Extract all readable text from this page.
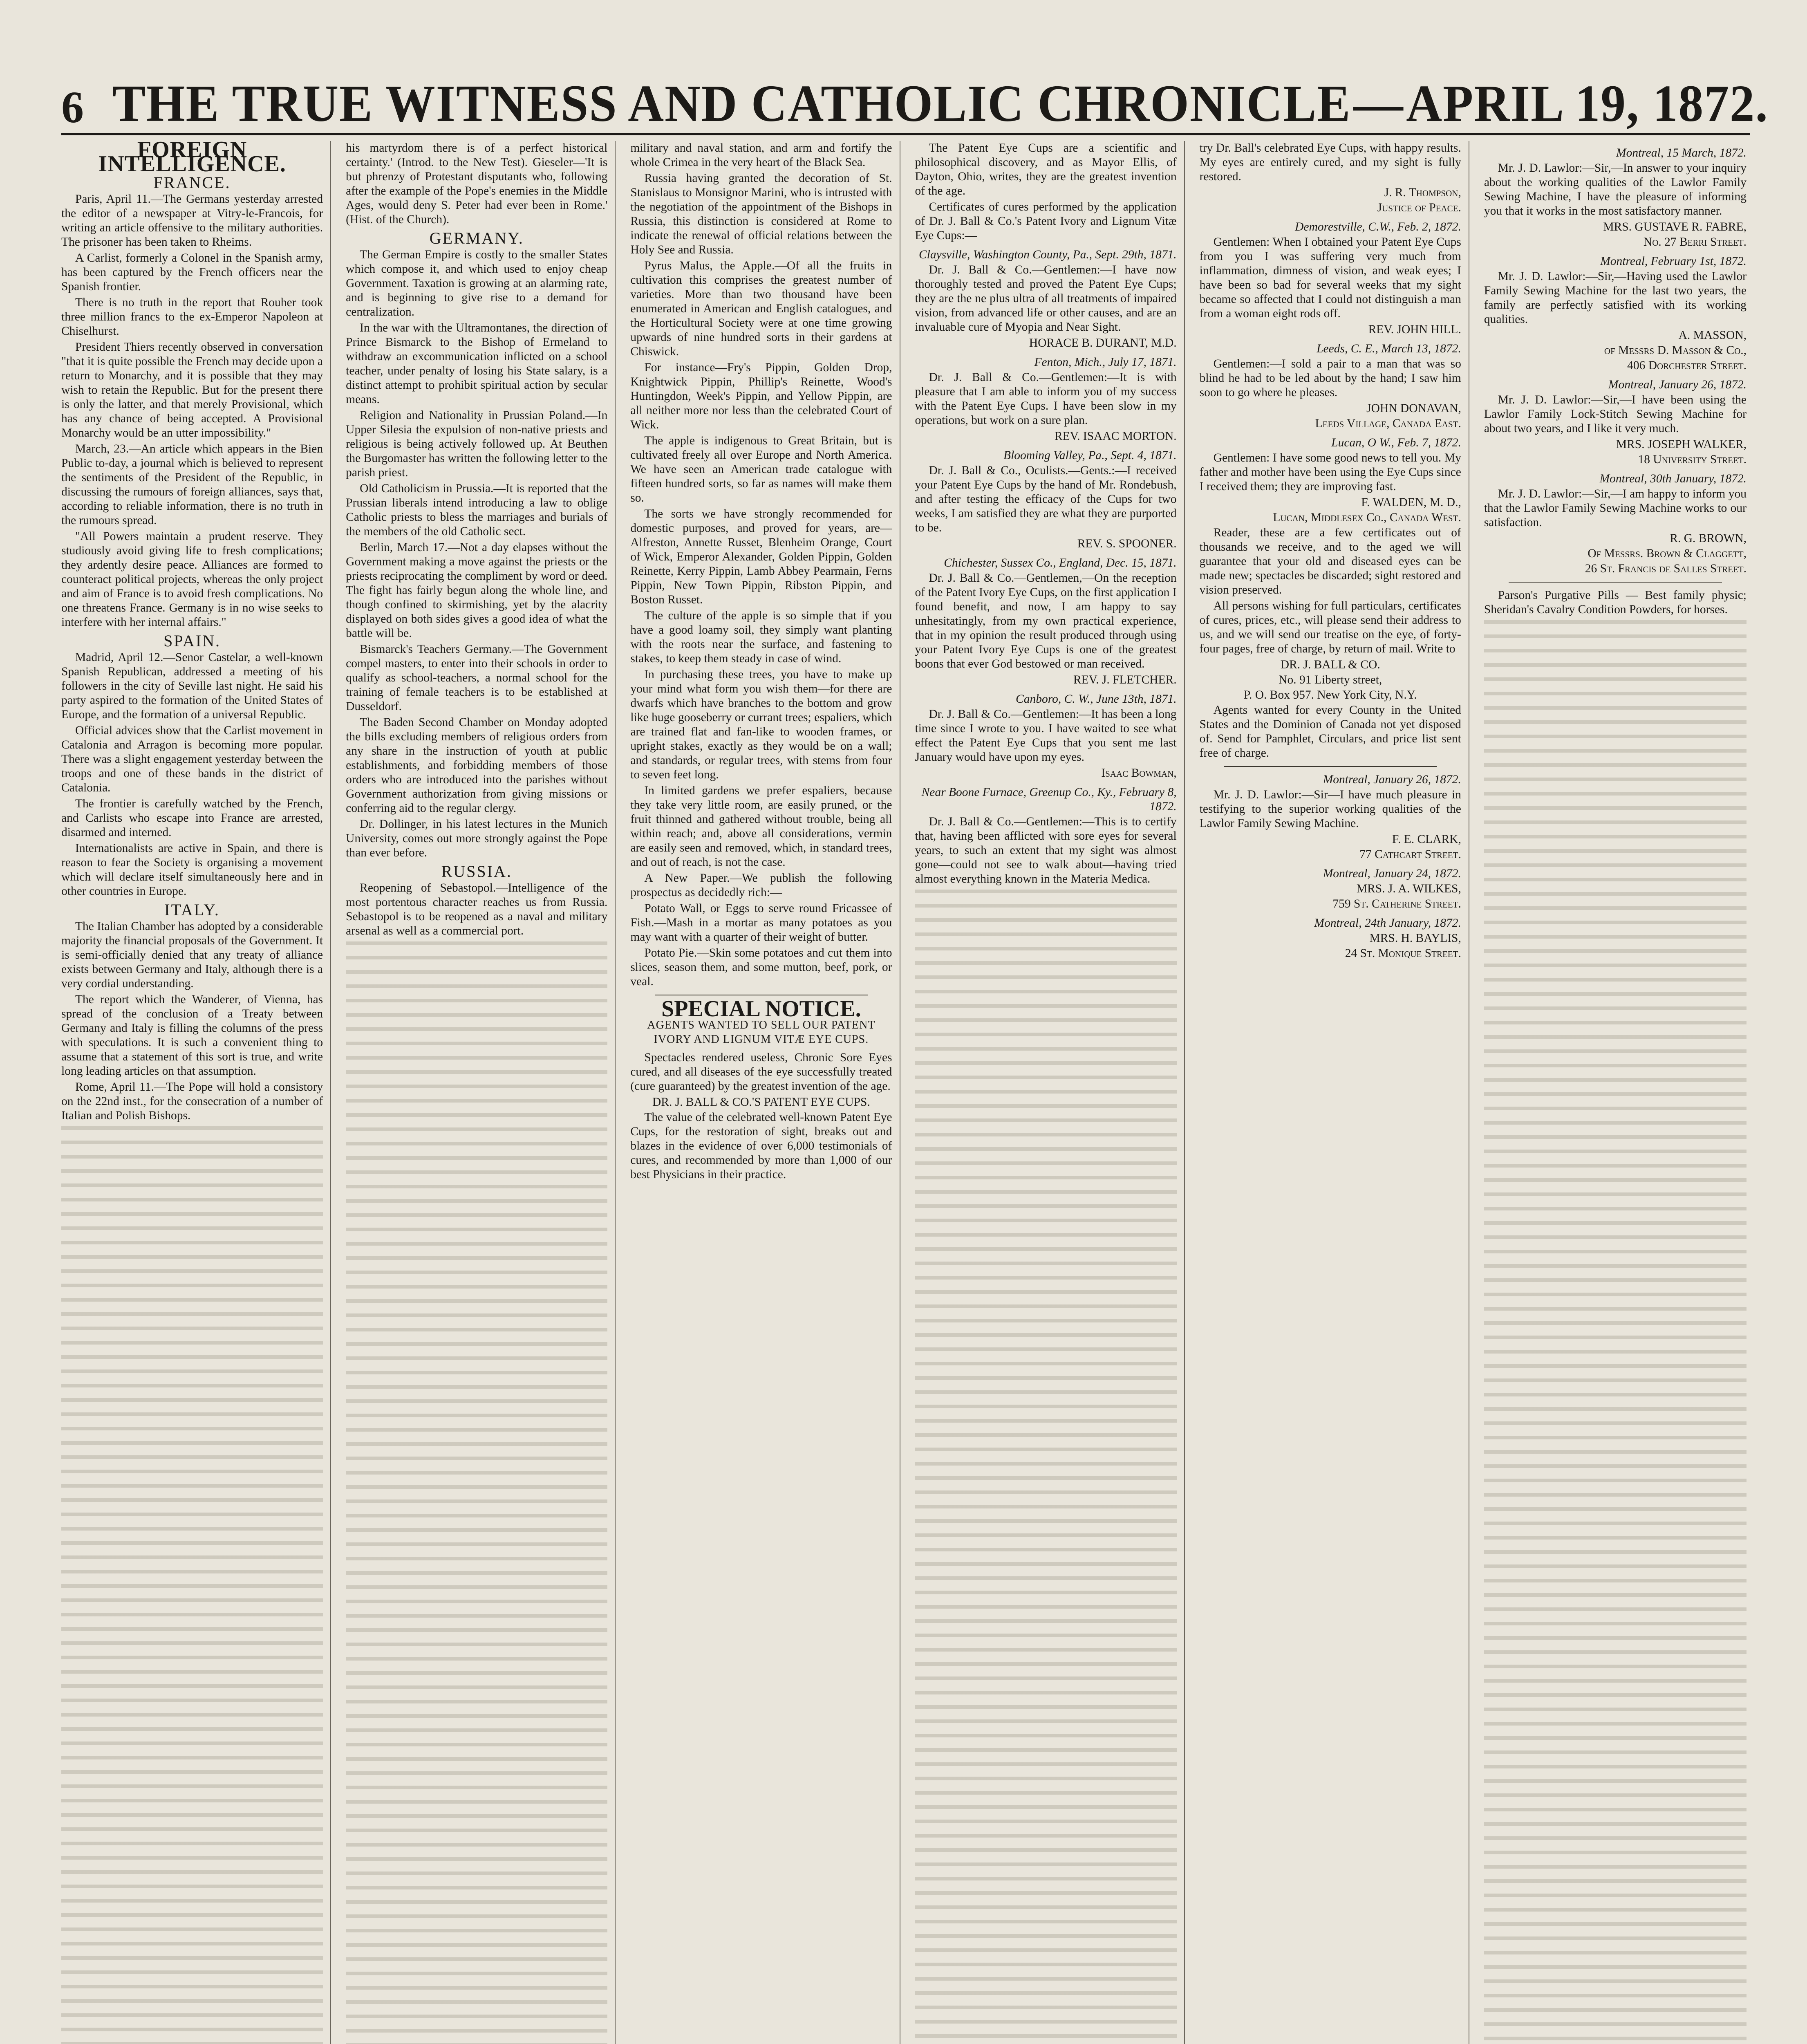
6 THE TRUE WITNESS AND CATHOLIC CHRONICLE—APRIL 19, 1872.
FOREIGN INTELLIGENCE.
FRANCE.

Paris, April 11.—The Germans yesterday arrested the editor of a newspaper at Vitry-le-Francois, for writing an article offensive to the military authorities. The prisoner has been taken to Rheims.

A Carlist, formerly a Colonel in the Spanish army, has been captured by the French officers near the Spanish frontier.

There is no truth in the report that Rouher took three million francs to the ex-Emperor Napoleon at Chiselhurst.

President Thiers recently observed in conversation "that it is quite possible the French may decide upon a return to Monarchy, and it is possible that they may wish to retain the Republic. But for the present there is only the latter, and that merely Provisional, which has any chance of being accepted. A Provisional Monarchy would be an utter impossibility."

March, 23.—An article which appears in the Bien Public to-day, a journal which is believed to represent the sentiments of the President of the Republic, in discussing the rumours of foreign alliances, says that, according to reliable information, there is no truth in the rumours spread.

"All Powers maintain a prudent reserve. They studiously avoid giving life to fresh complications; they ardently desire peace. Alliances are formed to counteract political projects, whereas the only project and aim of France is to avoid fresh complications. No one threatens France. Germany is in no wise seeks to interfere with her internal affairs."

SPAIN.

Madrid, April 12.—Senor Castelar, a well-known Spanish Republican, addressed a meeting of his followers in the city of Seville last night. He said his party aspired to the formation of the United States of Europe, and the formation of a universal Republic.

Official advices show that the Carlist movement in Catalonia and Arragon is becoming more popular. There was a slight engagement yesterday between the troops and one of these bands in the district of Catalonia.

The frontier is carefully watched by the French, and Carlists who escape into France are arrested, disarmed and interned.

Internationalists are active in Spain, and there is reason to fear the Society is organising a movement which will declare itself simultaneously here and in other countries in Europe.

ITALY.

The Italian Chamber has adopted by a considerable majority the financial proposals of the Government. It is semi-officially denied that any treaty of alliance exists between Germany and Italy, although there is a very cordial understanding.

The report which the Wanderer, of Vienna, has spread of the conclusion of a Treaty between Germany and Italy is filling the columns of the press with speculations. It is such a convenient thing to assume that a statement of this sort is true, and write long leading articles on that assumption.

Rome, April 11.—The Pope will hold a consistory on the 22nd inst., for the consecration of a number of Italian and Polish Bishops.

his martyrdom there is of a perfect historical certainty.' (Introd. to the New Test). Gieseler—'It is but phrenzy of Protestant disputants who, following after the example of the Pope's enemies in the Middle Ages, would deny S. Peter had ever been in Rome.' (Hist. of the Church).

GERMANY.

The German Empire is costly to the smaller States which compose it, and which used to enjoy cheap Government. Taxation is growing at an alarming rate, and is beginning to give rise to a demand for centralization.

In the war with the Ultramontanes, the direction of Prince Bismarck to the Bishop of Ermeland to withdraw an excommunication inflicted on a school teacher, under penalty of losing his State salary, is a distinct attempt to prohibit spiritual action by secular means.

Religion and Nationality in Prussian Poland.—In Upper Silesia the expulsion of non-native priests and religious is being actively followed up. At Beuthen the Burgomaster has written the following letter to the parish priest.

Old Catholicism in Prussia.—It is reported that the Prussian liberals intend introducing a law to oblige Catholic priests to bless the marriages and burials of the members of the old Catholic sect.

Berlin, March 17.—Not a day elapses without the Government making a move against the priests or the priests reciprocating the compliment by word or deed. The fight has fairly begun along the whole line, and though confined to skirmishing, yet by the alacrity displayed on both sides gives a good idea of what the battle will be.

Bismarck's Teachers Germany.—The Government compel masters, to enter into their schools in order to qualify as school-teachers, a normal school for the training of female teachers is to be established at Dusseldorf.

The Baden Second Chamber on Monday adopted the bills excluding members of religious orders from any share in the instruction of youth at public establishments, and forbidding members of those orders who are introduced into the parishes without Government authorization from giving missions or conferring aid to the regular clergy.

Dr. Dollinger, in his latest lectures in the Munich University, comes out more strongly against the Pope than ever before.

RUSSIA.

Reopening of Sebastopol.—Intelligence of the most portentous character reaches us from Russia. Sebastopol is to be reopened as a naval and military arsenal as well as a commercial port.

military and naval station, and arm and fortify the whole Crimea in the very heart of the Black Sea.

Russia having granted the decoration of St. Stanislaus to Monsignor Marini, who is intrusted with the negotiation of the appointment of the Bishops in Russia, this distinction is considered at Rome to indicate the renewal of official relations between the Holy See and Russia.

Pyrus Malus, the Apple.—Of all the fruits in cultivation this comprises the greatest number of varieties. More than two thousand have been enumerated in American and English catalogues, and the Horticultural Society were at one time growing upwards of nine hundred sorts in their gardens at Chiswick.

For instance—Fry's Pippin, Golden Drop, Knightwick Pippin, Phillip's Reinette, Wood's Huntingdon, Week's Pippin, and Yellow Pippin, are all neither more nor less than the celebrated Court of Wick.

The apple is indigenous to Great Britain, but is cultivated freely all over Europe and North America. We have seen an American trade catalogue with fifteen hundred sorts, so far as names will make them so.

The sorts we have strongly recommended for domestic purposes, and proved for years, are—Alfreston, Annette Russet, Blenheim Orange, Court of Wick, Emperor Alexander, Golden Pippin, Golden Reinette, Kerry Pippin, Lamb Abbey Pearmain, Ferns Pippin, New Town Pippin, Ribston Pippin, and Boston Russet.

The culture of the apple is so simple that if you have a good loamy soil, they simply want planting with the roots near the surface, and fastening to stakes, to keep them steady in case of wind.

In purchasing these trees, you have to make up your mind what form you wish them—for there are dwarfs which have branches to the bottom and grow like huge gooseberry or currant trees; espaliers, which are trained flat and fan-like to wooden frames, or upright stakes, exactly as they would be on a wall; and standards, or regular trees, with stems from four to seven feet long.

In limited gardens we prefer espaliers, because they take very little room, are easily pruned, or the fruit thinned and gathered without trouble, being all within reach; and, above all considerations, vermin are easily seen and removed, which, in standard trees, and out of reach, is not the case.

A New Paper.—We publish the following prospectus as decidedly rich:—

Potato Wall, or Eggs to serve round Fricassee of Fish.—Mash in a mortar as many potatoes as you may want with a quarter of their weight of butter.

Potato Pie.—Skin some potatoes and cut them into slices, season them, and some mutton, beef, pork, or veal.

SPECIAL NOTICE.
AGENTS WANTED TO SELL OUR PATENT IVORY AND LIGNUM VITÆ EYE CUPS.

Spectacles rendered useless, Chronic Sore Eyes cured, and all diseases of the eye successfully treated (cure guaranteed) by the greatest invention of the age.

DR. J. BALL & CO.'S PATENT EYE CUPS.

The value of the celebrated well-known Patent Eye Cups, for the restoration of sight, breaks out and blazes in the evidence of over 6,000 testimonials of cures, and recommended by more than 1,000 of our best Physicians in their practice.

The Patent Eye Cups are a scientific and philosophical discovery, and as Mayor Ellis, of Dayton, Ohio, writes, they are the greatest invention of the age.

Certificates of cures performed by the application of Dr. J. Ball & Co.'s Patent Ivory and Lignum Vitæ Eye Cups:—

Claysville, Washington County, Pa., Sept. 29th, 1871.

Dr. J. Ball & Co.—Gentlemen:—I have now thoroughly tested and proved the Patent Eye Cups; they are the ne plus ultra of all treatments of impaired vision, from advanced life or other causes, and are an invaluable cure of Myopia and Near Sight.

HORACE B. DURANT, M.D.
Fenton, Mich., July 17, 1871.

Dr. J. Ball & Co.—Gentlemen:—It is with pleasure that I am able to inform you of my success with the Patent Eye Cups. I have been slow in my operations, but work on a sure plan.

REV. ISAAC MORTON.
Blooming Valley, Pa., Sept. 4, 1871.

Dr. J. Ball & Co., Oculists.—Gents.:—I received your Patent Eye Cups by the hand of Mr. Rondebush, and after testing the efficacy of the Cups for two weeks, I am satisfied they are what they are purported to be.

REV. S. SPOONER.
Chichester, Sussex Co., England, Dec. 15, 1871.

Dr. J. Ball & Co.—Gentlemen,—On the reception of the Patent Ivory Eye Cups, on the first application I found benefit, and now, I am happy to say unhesitatingly, from my own practical experience, that in my opinion the result produced through using your Patent Ivory Eye Cups is one of the greatest boons that ever God bestowed or man received.

REV. J. FLETCHER.
Canboro, C. W., June 13th, 1871.

Dr. J. Ball & Co.—Gentlemen:—It has been a long time since I wrote to you. I have waited to see what effect the Patent Eye Cups that you sent me last January would have upon my eyes.

Isaac Bowman,
Near Boone Furnace, Greenup Co., Ky., February 8, 1872.

Dr. J. Ball & Co.—Gentlemen:—This is to certify that, having been afflicted with sore eyes for several years, to such an extent that my sight was almost gone—could not see to walk about—having tried almost everything known in the Materia Medica.

try Dr. Ball's celebrated Eye Cups, with happy results. My eyes are entirely cured, and my sight is fully restored.

J. R. Thompson,
Justice of Peace.
Demorestville, C.W., Feb. 2, 1872.

Gentlemen: When I obtained your Patent Eye Cups from you I was suffering very much from inflammation, dimness of vision, and weak eyes; I have been so bad for several weeks that my sight became so affected that I could not distinguish a man from a woman eight rods off.

REV. JOHN HILL.
Leeds, C. E., March 13, 1872.

Gentlemen:—I sold a pair to a man that was so blind he had to be led about by the hand; I saw him soon to go where he pleases.

JOHN DONAVAN,
Leeds Village, Canada East.
Lucan, O W., Feb. 7, 1872.

Gentlemen: I have some good news to tell you. My father and mother have been using the Eye Cups since I received them; they are improving fast.

F. WALDEN, M. D.,
Lucan, Middlesex Co., Canada West.

Reader, these are a few certificates out of thousands we receive, and to the aged we will guarantee that your old and diseased eyes can be made new; spectacles be discarded; sight restored and vision preserved.

All persons wishing for full particulars, certificates of cures, prices, etc., will please send their address to us, and we will send our treatise on the eye, of forty-four pages, free of charge, by return of mail. Write to

DR. J. BALL & CO.
No. 91 Liberty street,
P. O. Box 957. New York City, N.Y.

Agents wanted for every County in the United States and the Dominion of Canada not yet disposed of. Send for Pamphlet, Circulars, and price list sent free of charge.

Montreal, January 26, 1872.

Mr. J. D. Lawlor:—Sir—I have much pleasure in testifying to the superior working qualities of the Lawlor Family Sewing Machine.

F. E. CLARK,
77 Cathcart Street.
Montreal, January 24, 1872.
MRS. J. A. WILKES,
759 St. Catherine Street.
Montreal, 24th January, 1872.
MRS. H. BAYLIS,
24 St. Monique Street.
Montreal, 15 March, 1872.

Mr. J. D. Lawlor:—Sir,—In answer to your inquiry about the working qualities of the Lawlor Family Sewing Machine, I have the pleasure of informing you that it works in the most satisfactory manner.

MRS. GUSTAVE R. FABRE,
No. 27 Berri Street.
Montreal, February 1st, 1872.

Mr. J. D. Lawlor:—Sir,—Having used the Lawlor Family Sewing Machine for the last two years, the family are perfectly satisfied with its working qualities.

A. MASSON,
of Messrs D. Masson & Co.,
406 Dorchester Street.
Montreal, January 26, 1872.

Mr. J. D. Lawlor:—Sir,—I have been using the Lawlor Family Lock-Stitch Sewing Machine for about two years, and I like it very much.

MRS. JOSEPH WALKER,
18 University Street.
Montreal, 30th January, 1872.

Mr. J. D. Lawlor:—Sir,—I am happy to inform you that the Lawlor Family Sewing Machine works to our satisfaction.

R. G. BROWN,
Of Messrs. Brown & Claggett,
26 St. Francis de Salles Street.

Parson's Purgative Pills — Best family physic; Sheridan's Cavalry Condition Powders, for horses.
